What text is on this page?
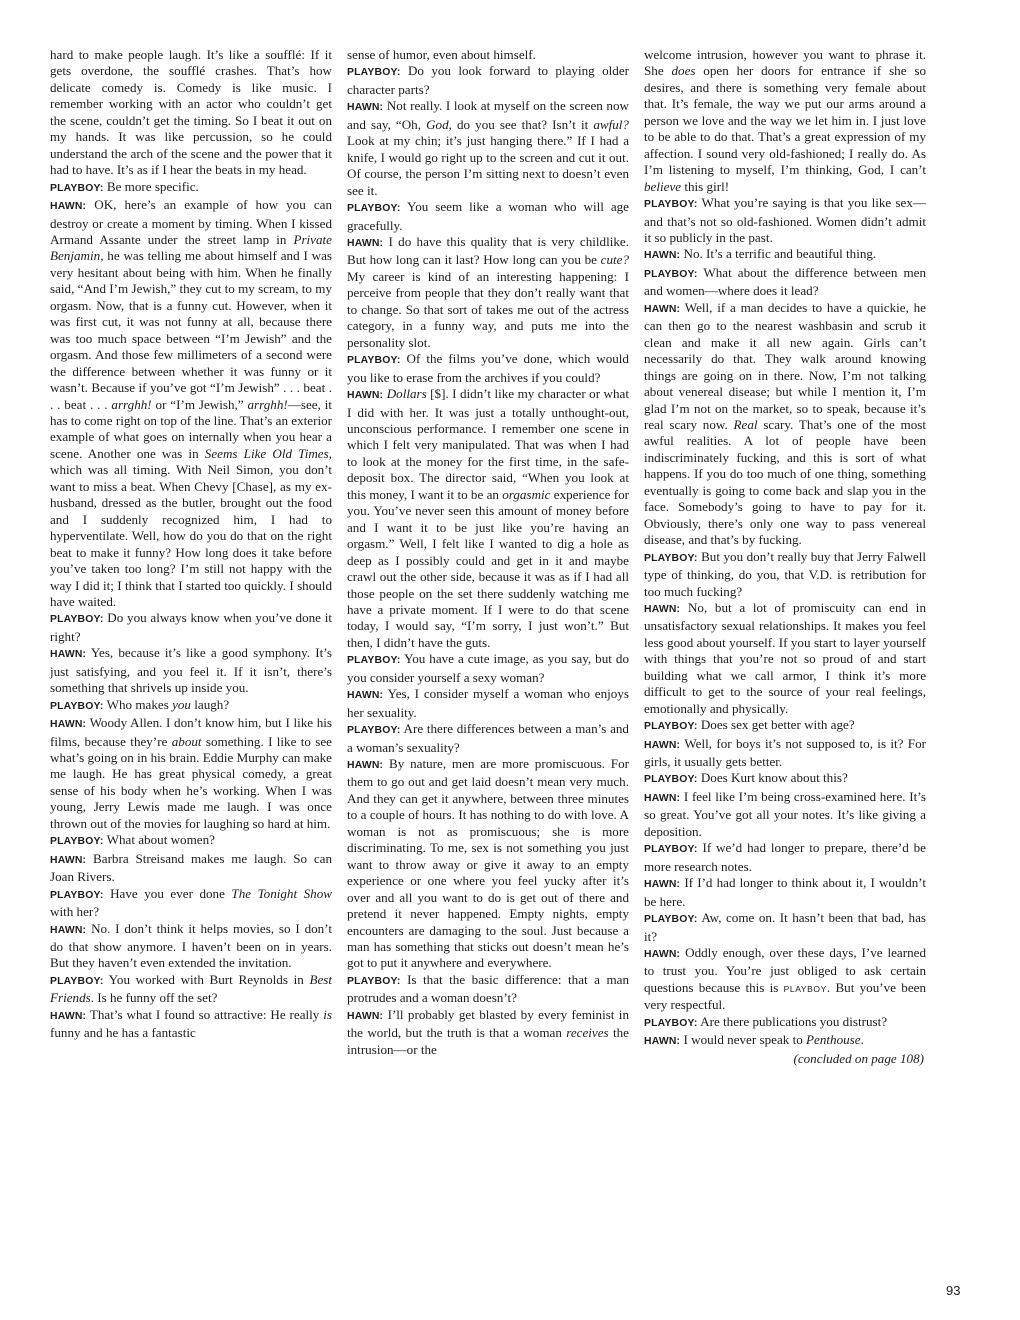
hard to make people laugh. It’s like a soufflé: If it gets overdone, the soufflé crashes. That’s how delicate comedy is. Comedy is like music. I remember working with an actor who couldn’t get the scene, couldn’t get the timing. So I beat it out on my hands. It was like percussion, so he could understand the arch of the scene and the power that it had to have. It’s as if I hear the beats in my head.

PLAYBOY: Be more specific.

HAWN: OK, here’s an example of how you can destroy or create a moment by timing. When I kissed Armand Assante under the street lamp in Private Benjamin, he was telling me about himself and I was very hesitant about being with him. When he finally said, “And I’m Jewish,” they cut to my scream, to my orgasm. Now, that is a funny cut. However, when it was first cut, it was not funny at all, because there was too much space between “I’m Jewish” and the orgasm. And those few millimeters of a second were the difference between whether it was funny or it wasn’t. Because if you’ve got “I’m Jewish” . . . beat . . . beat . . . arrghh! or “I’m Jewish,” arrghh!—see, it has to come right on top of the line. That’s an exterior example of what goes on internally when you hear a scene. Another one was in Seems Like Old Times, which was all timing. With Neil Simon, you don’t want to miss a beat. When Chevy [Chase], as my ex-husband, dressed as the butler, brought out the food and I suddenly recognized him, I had to hyperventilate. Well, how do you do that on the right beat to make it funny? How long does it take before you’ve taken too long? I’m still not happy with the way I did it; I think that I started too quickly. I should have waited.

PLAYBOY: Do you always know when you’ve done it right?

HAWN: Yes, because it’s like a good symphony. It’s just satisfying, and you feel it. If it isn’t, there’s something that shrivels up inside you.

PLAYBOY: Who makes you laugh?

HAWN: Woody Allen. I don’t know him, but I like his films, because they’re about something. I like to see what’s going on in his brain. Eddie Murphy can make me laugh. He has great physical comedy, a great sense of his body when he’s working. When I was young, Jerry Lewis made me laugh. I was once thrown out of the movies for laughing so hard at him.

PLAYBOY: What about women?

HAWN: Barbra Streisand makes me laugh. So can Joan Rivers.

PLAYBOY: Have you ever done The Tonight Show with her?

HAWN: No. I don’t think it helps movies, so I don’t do that show anymore. I haven’t been on in years. But they haven’t even extended the invitation.

PLAYBOY: You worked with Burt Reynolds in Best Friends. Is he funny off the set?

HAWN: That’s what I found so attractive: He really is funny and he has a fantastic

sense of humor, even about himself.

PLAYBOY: Do you look forward to playing older character parts?

HAWN: Not really. I look at myself on the screen now and say, “Oh, God, do you see that? Isn’t it awful? Look at my chin; it’s just hanging there.” If I had a knife, I would go right up to the screen and cut it out. Of course, the person I’m sitting next to doesn’t even see it.

PLAYBOY: You seem like a woman who will age gracefully.

HAWN: I do have this quality that is very childlike. But how long can it last? How long can you be cute? My career is kind of an interesting happening: I perceive from people that they don’t really want that to change. So that sort of takes me out of the actress category, in a funny way, and puts me into the personality slot.

PLAYBOY: Of the films you’ve done, which would you like to erase from the archives if you could?

HAWN: Dollars [$]. I didn’t like my character or what I did with her. It was just a totally unthought-out, unconscious performance. I remember one scene in which I felt very manipulated. That was when I had to look at the money for the first time, in the safe-deposit box. The director said, “When you look at this money, I want it to be an orgasmic experience for you. You’ve never seen this amount of money before and I want it to be just like you’re having an orgasm.” Well, I felt like I wanted to dig a hole as deep as I possibly could and get in it and maybe crawl out the other side, because it was as if I had all those people on the set there suddenly watching me have a private moment. If I were to do that scene today, I would say, “I’m sorry, I just won’t.” But then, I didn’t have the guts.

PLAYBOY: You have a cute image, as you say, but do you consider yourself a sexy woman?

HAWN: Yes, I consider myself a woman who enjoys her sexuality.

PLAYBOY: Are there differences between a man’s and a woman’s sexuality?

HAWN: By nature, men are more promiscuous. For them to go out and get laid doesn’t mean very much. And they can get it anywhere, between three minutes to a couple of hours. It has nothing to do with love. A woman is not as promiscuous; she is more discriminating. To me, sex is not something you just want to throw away or give it away to an empty experience or one where you feel yucky after it’s over and all you want to do is get out of there and pretend it never happened. Empty nights, empty encounters are damaging to the soul. Just because a man has something that sticks out doesn’t mean he’s got to put it anywhere and everywhere.

PLAYBOY: Is that the basic difference: that a man protrudes and a woman doesn’t?

HAWN: I’ll probably get blasted by every feminist in the world, but the truth is that a woman receives the intrusion—or the

welcome intrusion, however you want to phrase it. She does open her doors for entrance if she so desires, and there is something very female about that. It’s female, the way we put our arms around a person we love and the way we let him in. I just love to be able to do that. That’s a great expression of my affection. I sound very old-fashioned; I really do. As I’m listening to myself, I’m thinking, God, I can’t believe this girl!

PLAYBOY: What you’re saying is that you like sex—and that’s not so old-fashioned. Women didn’t admit it so publicly in the past.

HAWN: No. It’s a terrific and beautiful thing.

PLAYBOY: What about the difference between men and women—where does it lead?

HAWN: Well, if a man decides to have a quickie, he can then go to the nearest washbasin and scrub it clean and make it all new again. Girls can’t necessarily do that. They walk around knowing things are going on in there. Now, I’m not talking about venereal disease; but while I mention it, I’m glad I’m not on the market, so to speak, because it’s real scary now. Real scary. That’s one of the most awful realities. A lot of people have been indiscriminately fucking, and this is sort of what happens. If you do too much of one thing, something eventually is going to come back and slap you in the face. Somebody’s going to have to pay for it. Obviously, there’s only one way to pass venereal disease, and that’s by fucking.

PLAYBOY: But you don’t really buy that Jerry Falwell type of thinking, do you, that V.D. is retribution for too much fucking?

HAWN: No, but a lot of promiscuity can end in unsatisfactory sexual relationships. It makes you feel less good about yourself. If you start to layer yourself with things that you’re not so proud of and start building what we call armor, I think it’s more difficult to get to the source of your real feelings, emotionally and physically.

PLAYBOY: Does sex get better with age?

HAWN: Well, for boys it’s not supposed to, is it? For girls, it usually gets better.

PLAYBOY: Does Kurt know about this?

HAWN: I feel like I’m being cross-examined here. It’s so great. You’ve got all your notes. It’s like giving a deposition.

PLAYBOY: If we’d had longer to prepare, there’d be more research notes.

HAWN: If I’d had longer to think about it, I wouldn’t be here.

PLAYBOY: Aw, come on. It hasn’t been that bad, has it?

HAWN: Oddly enough, over these days, I’ve learned to trust you. You’re just obliged to ask certain questions because this is PLAYBOY. But you’ve been very respectful.

PLAYBOY: Are there publications you distrust?

HAWN: I would never speak to Penthouse.

(concluded on page 108)

93
